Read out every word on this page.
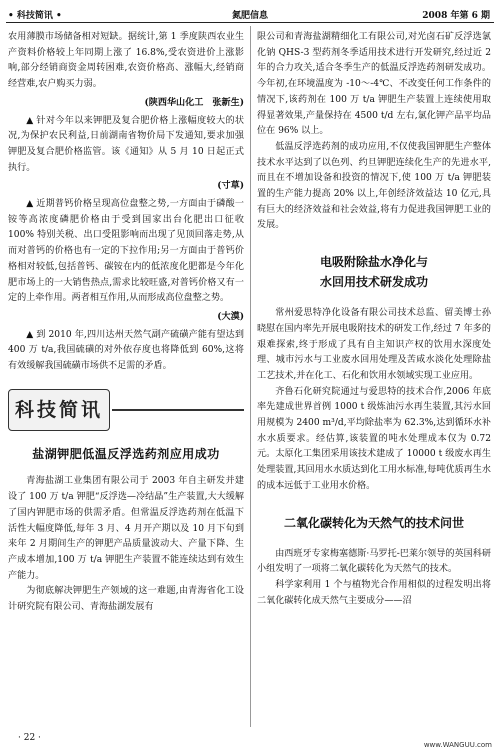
• 科技简讯 •	氮肥信息	2008 年第 6 期

农用薄膜市场储备相对短缺。据统计,第 1 季度陕西农业生产资料价格较上年同期上涨了 16.8%,受农资进价上涨影响,部分经销商资金周转困难,农资价格高、涨幅大,经销商经营难,农户购买力弱。

(陕西华山化工　张新生)

▲ 针对今年以来钾肥及复合肥价格上涨幅度较大的状况,为保护农民利益,日前湖南省物价局下发通知,要求加强钾肥及复合肥价格监管。该《通知》从 5 月 10 日起正式执行。

(寸草)

▲ 近期普钙价格呈现高位盘整之势,一方面由于磷酸一铵等高浓度磷肥价格由于受到国家出台化肥出口征收 100% 特别关税、出口受阻影响而出现了见顶回落走势,从而对普钙的价格也有一定的下拉作用;另一方面由于普钙价格相对较低,包括普钙、碳铵在内的低浓度化肥都是今年化肥市场上的一大销售热点,需求比较旺盛,对普钙价格又有一定的上牵作用。两者相互作用,从而形成高位盘整之势。

(大漠)

▲ 到 2010 年,四川达州天然气副产硫磺产能有望达到 400 万 t/a,我国硫磺的对外依存度也将降低到 60%,这将有效缓解我国硫磺市场供不足需的矛盾。

科技简讯
盐湖钾肥低温反浮选药剂应用成功

青海盐湖工业集团有限公司于 2003 年自主研发并建设了 100 万 t/a 钾肥“反浮选—冷结晶”生产装置,大大缓解了国内钾肥市场的供需矛盾。但常温反浮选药剂在低温下活性大幅度降低,每年 3 月、4 月开产期以及 10 月下旬到来年 2 月期间生产的钾肥产品质量波动大、产量下降、生产成本增加,100 万 t/a 钾肥生产装置不能连续达到有效生产能力。

为彻底解决钾肥生产领域的这一难题,由青海省化工设计研究院有限公司、青海盐湖发展有

限公司和青海盐湖精细化工有限公司,对光卤石矿反浮选氯化钠 QHS-3 型药剂冬季适用技术进行开发研究,经过近 2 年的合力攻关,适合冬季生产的低温反浮选药剂研发成功。今年初,在环境温度为 -10～-4℃、不改变任何工作条件的情况下,该药剂在 100 万 t/a 钾肥生产装置上连续使用取得显著效果,产量保持在 4500 t/d 左右,氯化钾产品平均品位在 96% 以上。

低温反浮选药剂的成功应用,不仅使我国钾肥生产整体技术水平达到了以色列、约旦钾肥连续化生产的先进水平,而且在不增加设备和投资的情况下,使 100 万 t/a 钾肥装置的生产能力提高 20% 以上,年创经济效益达 10 亿元,具有巨大的经济效益和社会效益,将有力促进我国钾肥工业的发展。

电吸附除盐水净化与
水回用技术研发成功

常州爱思特净化设备有限公司技术总监、留美博士孙晓慰在国内率先开展电吸附技术的研发工作,经过 7 年多的艰难探索,终于形成了具有自主知识产权的饮用水深度处理、城市污水与工业废水回用处理及苦咸水淡化处理除盐工艺技术,并在化工、石化和饮用水领域实现工业应用。

齐鲁石化研究院通过与爱思特的技术合作,2006 年底率先建成世界首例 1000 t 级炼油污水再生装置,其污水回用规模为 2400 m³/d,平均除盐率为 62.3%,达到循环水补水水质要求。经估算,该装置的吨水处理成本仅为 0.72 元。太原化工集团采用该技术建成了 10000 t 级废水再生处理装置,其回用水水质达到化工用水标准,每吨优质再生水的成本远低于工业用水价格。

二氧化碳转化为天然气的技术问世

由西班牙专家梅塞德斯·马罗托-巴莱尔领导的英国科研小组发明了一项将二氧化碳转化为天然气的技术。

科学家利用 1 个与植物光合作用相似的过程发明出将二氧化碳转化成天然气主要成分——沼

· 22 ·
www.WANGUU.com
